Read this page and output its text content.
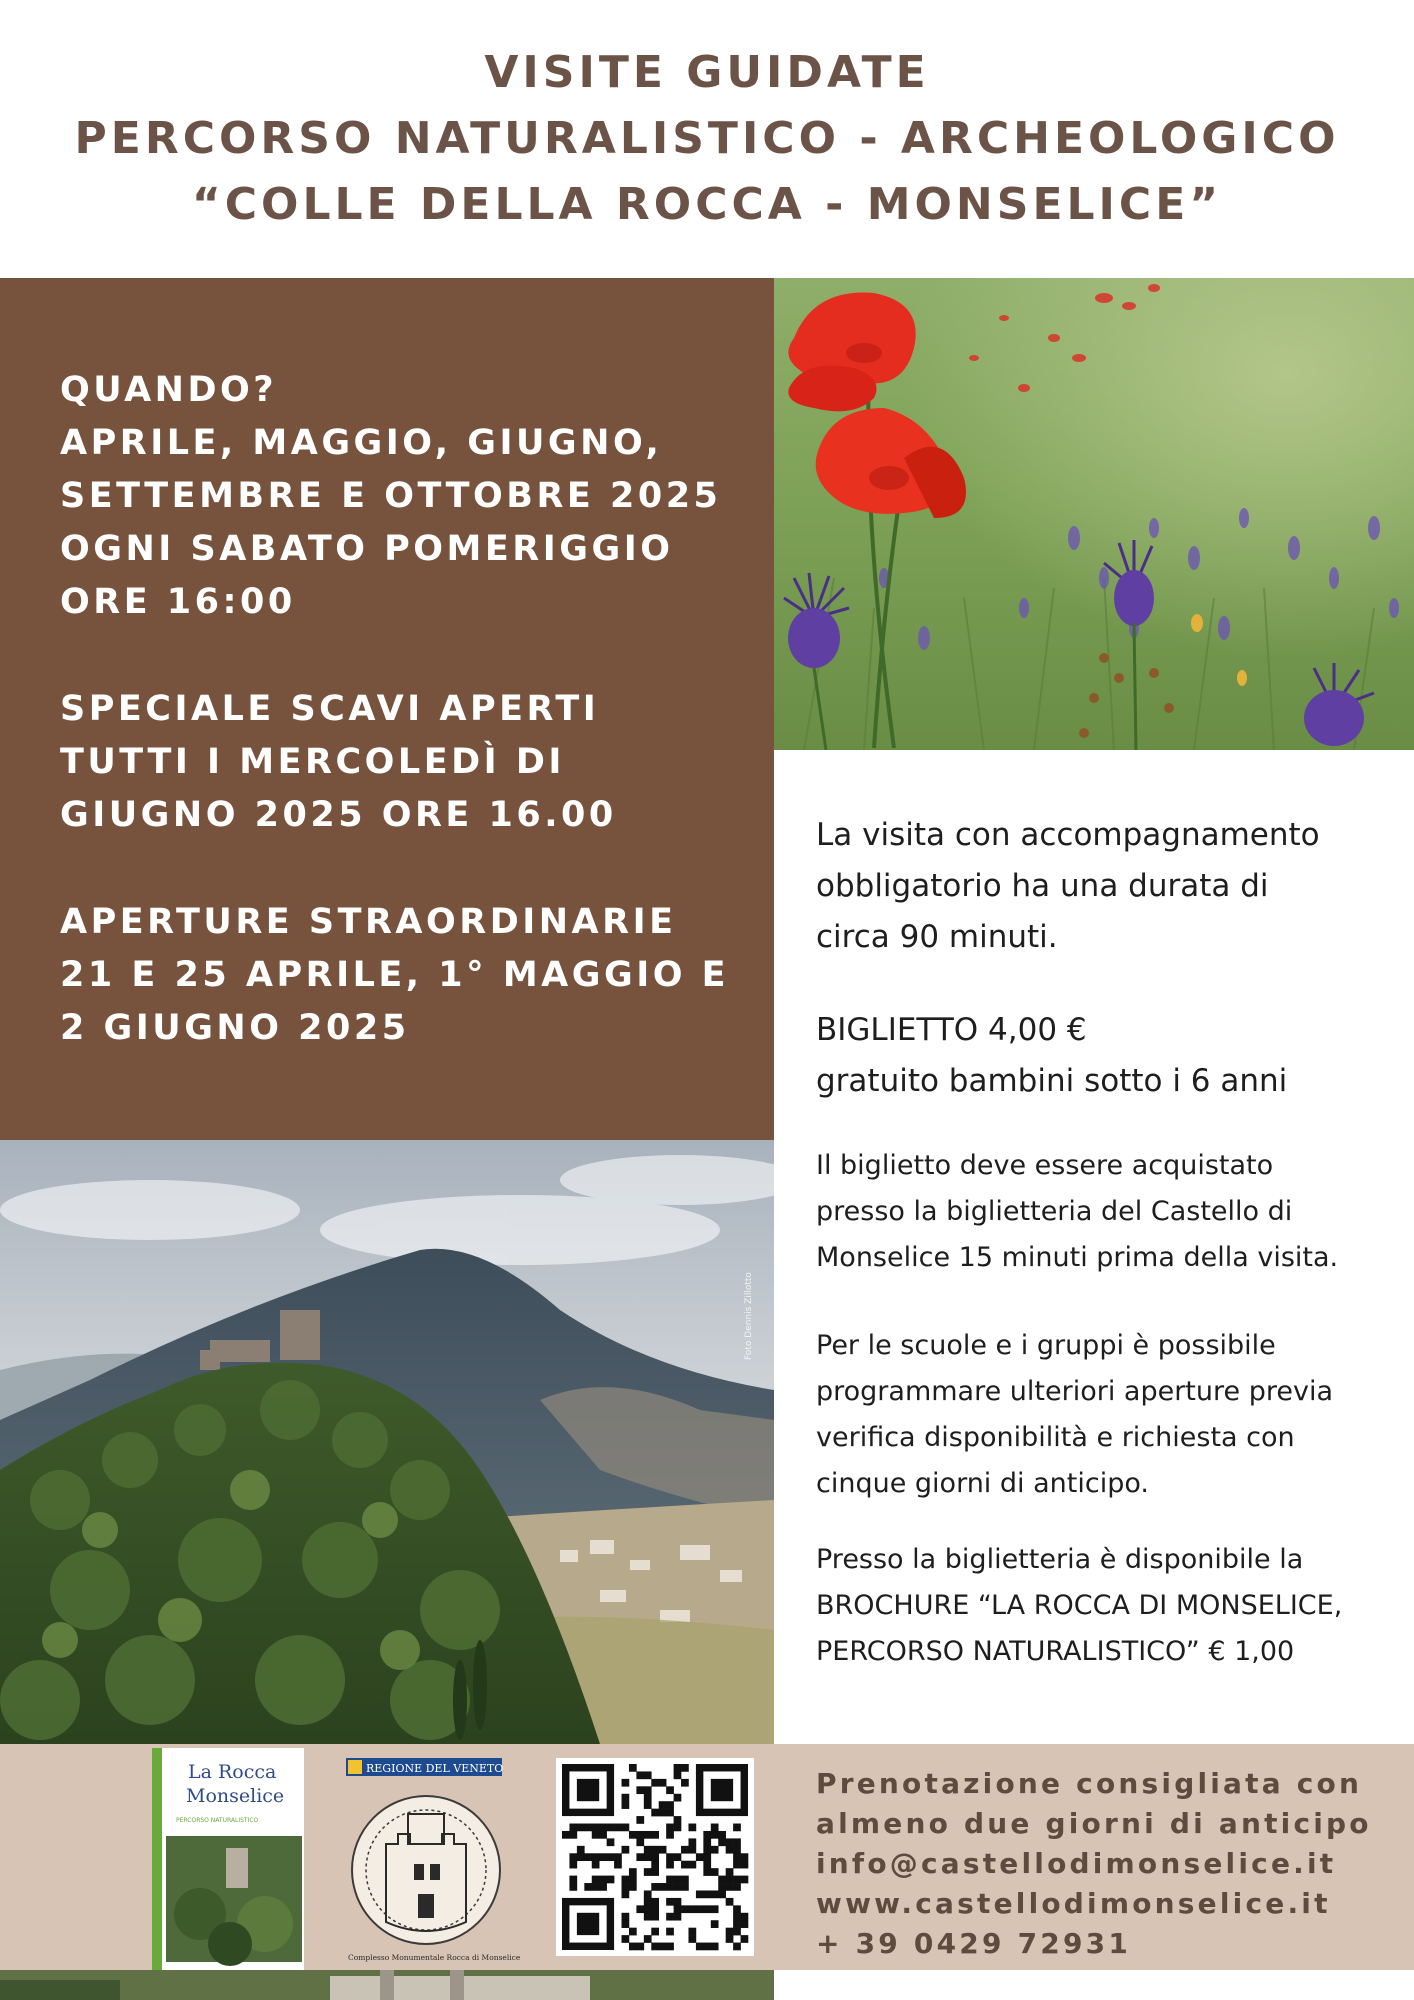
VISITE GUIDATE
PERCORSO NATURALISTICO - ARCHEOLOGICO
“COLLE DELLA ROCCA - MONSELICE”
QUANDO?
APRILE, MAGGIO, GIUGNO,
SETTEMBRE E OTTOBRE 2025
OGNI SABATO POMERIGGIO
ORE 16:00
SPECIALE SCAVI APERTI
TUTTI I MERCOLEDÌ DI
GIUGNO 2025 ORE 16.00
APERTURE STRAORDINARIE
21 E 25 APRILE, 1° MAGGIO E
2 GIUGNO 2025
Foto Dennis Zillotto
La visita con accompagnamento
obbligatorio ha una durata di
circa 90 minuti.
BIGLIETTO 4,00 €
gratuito bambini sotto i 6 anni
Il biglietto deve essere acquistato
presso la biglietteria del Castello di
Monselice 15 minuti prima della visita.
Per le scuole e i gruppi è possibile
programmare ulteriori aperture previa
verifica disponibilità e richiesta con
cinque giorni di anticipo.
Presso la biglietteria è disponibile la
BROCHURE “LA ROCCA DI MONSELICE,
PERCORSO NATURALISTICO” € 1,00
La Rocca
Monselice
PERCORSO NATURALISTICO
REGIONE DEL VENETO
Complesso Monumentale Rocca di Monselice
Prenotazione consigliata con
almeno due giorni di anticipo
info@castellodimonselice.it
www.castellodimonselice.it
+ 39 0429 72931
